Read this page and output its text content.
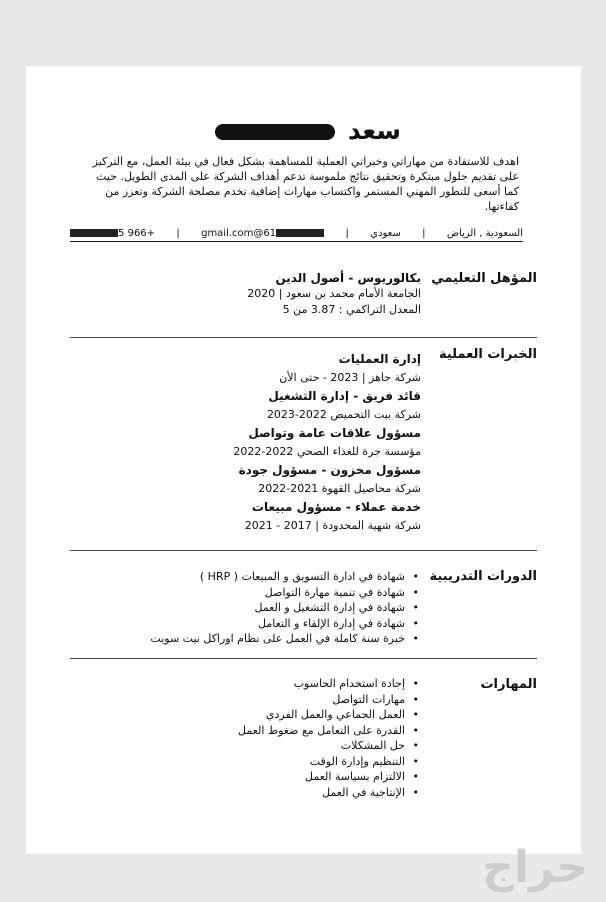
سعد
اهدف للاستفادة من مهاراتي وخبراتي العملية للمساهمة بشكل فعال في بيئة العمل، مع التركيز على تقديم حلول مبتكرة وتحقيق نتائج ملموسة تدعم أهداف الشركة على المدى الطويل. حيث كما أسعى للتطور المهني المستمر واكتساب مهارات إضافية تخدم مصلحة الشركة وتعزز من كفاءتها.
+966 5	|	61@gmail.com	|	سعودي	|	السعودية , الرياض
المؤهل التعليمي
بكالوريوس - أصول الدين
الجامعة الأمام محمد بن سعود | 2020
المعدل التراكمي : 3.87 من 5
الخبرات العملية
إدارة العمليات
شركة جاهز | 2023 - حتى الأن
قائد فريق - إدارة التشغيل
شركة بيت التحميص 2022-2023
مسؤول علاقات عامة وتواصل
مؤسسة جرة للغذاء الصحي 2022-2022
مسؤول مخزون - مسؤول جودة
شركة محاصيل القهوة 2021-2022
خدمة عملاء - مسؤول مبيعات
شركة شهية المحدودة | 2017 - 2021
الدورات التدريبية
• شهادة في ادارة التسويق و المبيعات ( HRP )
• شهادة في تنمية مهارة التواصل
• شهادة في إدارة التشغيل و العمل
• شهادة في إدارة الإلقاء و التعامل
• خبرة سنة كاملة في العمل على نظام اوراكل نيت سويت
المهارات
• إجادة استخدام الحاسوب
• مهارات التواصل
• العمل الجماعي والعمل الفردي
• القدرة على التعامل مع ضغوط العمل
• حل المشكلات
• التنظيم وإدارة الوقت
• الالتزام بسياسة العمل
• الإنتاجية في العمل
حراج
